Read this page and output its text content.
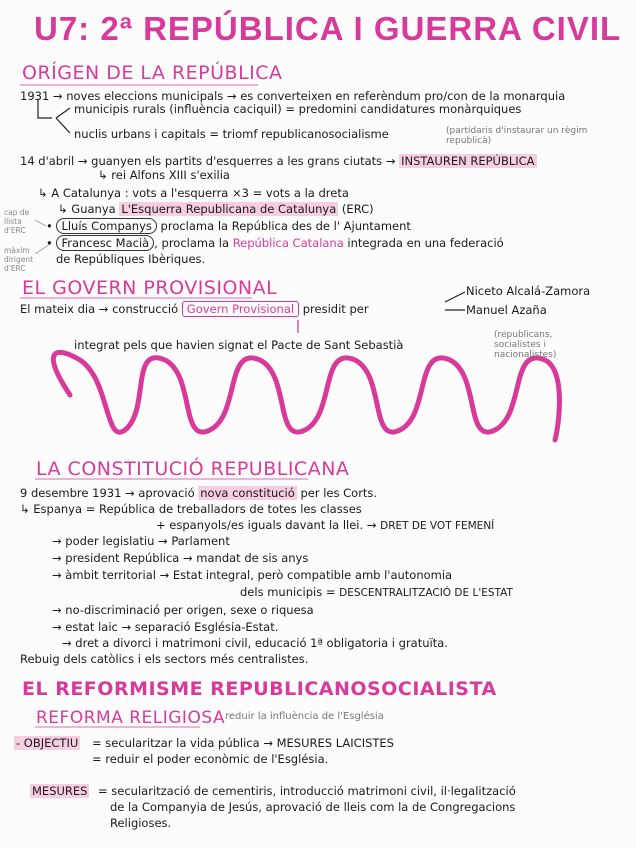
U7: 2ª REPÚBLICA I GUERRA CIVIL
ORÍGEN DE LA REPÚBLICA
1931 → noves eleccions municipals → es converteixen en referèndum pro/con de la monarquia
municipis rurals (influència caciquil) = predomini candidatures monàrquiques
nuclis urbans i capitals = triomf republicanosocialisme	(partidaris d'instaurar un règim republicà)
14 d'abril → guanyen els partits d'esquerres a les grans ciutats → INSTAUREN REPÚBLICA
↳ rei Alfons XIII s'exilia
↳ A Catalunya : vots a l'esquerra ×3 = vots a la dreta
↳ Guanya L'Esquerra Republicana de Catalunya (ERC)
cap de llista d'ERC	• Lluís Companys proclama la República des de l' Ajuntament
• Francesc Macià , proclama la República Catalana integrada en una federació
màxim dirigent d'ERC
de Repúbliques Ibèriques.
EL GOVERN PROVISIONAL
El mateix dia → construcció Govern Provisional presidit per
Niceto Alcalá-Zamora
Manuel Azaña
integrat pels que havien signat el Pacte de Sant Sebastià
(republicans, socialistes i nacionalistes)
LA CONSTITUCIÓ REPUBLICANA
9 desembre 1931 → aprovació nova constitució per les Corts.
↳ Espanya = República de treballadors de totes les classes
+ espanyols/es iguals davant la llei. → DRET DE VOT FEMENÍ
→ poder legislatiu → Parlament
→ president República → mandat de sis anys
→ àmbit territorial → Estat integral, però compatible amb l'autonomia
dels municipis = DESCENTRALITZACIÓ DE L'ESTAT
→ no-discriminació per origen, sexe o riquesa
→ estat laic → separació Església-Estat.
→ dret a divorci i matrimoni civil, educació 1ª obligatoria i gratuïta.
Rebuig dels catòlics i els sectors més centralistes.
EL REFORMISME REPUBLICANOSOCIALISTA
REFORMA RELIGIOSA reduir la influència de l'Església
- OBJECTIU = secularitzar la vida pública → MESURES LAICISTES
= reduir el poder econòmic de l'Església.
MESURES = secularització de cementiris, introducció matrimoni civil, il·legalització
de la Companyia de Jesús, aprovació de lleis com la de Congregacions
Religioses.
